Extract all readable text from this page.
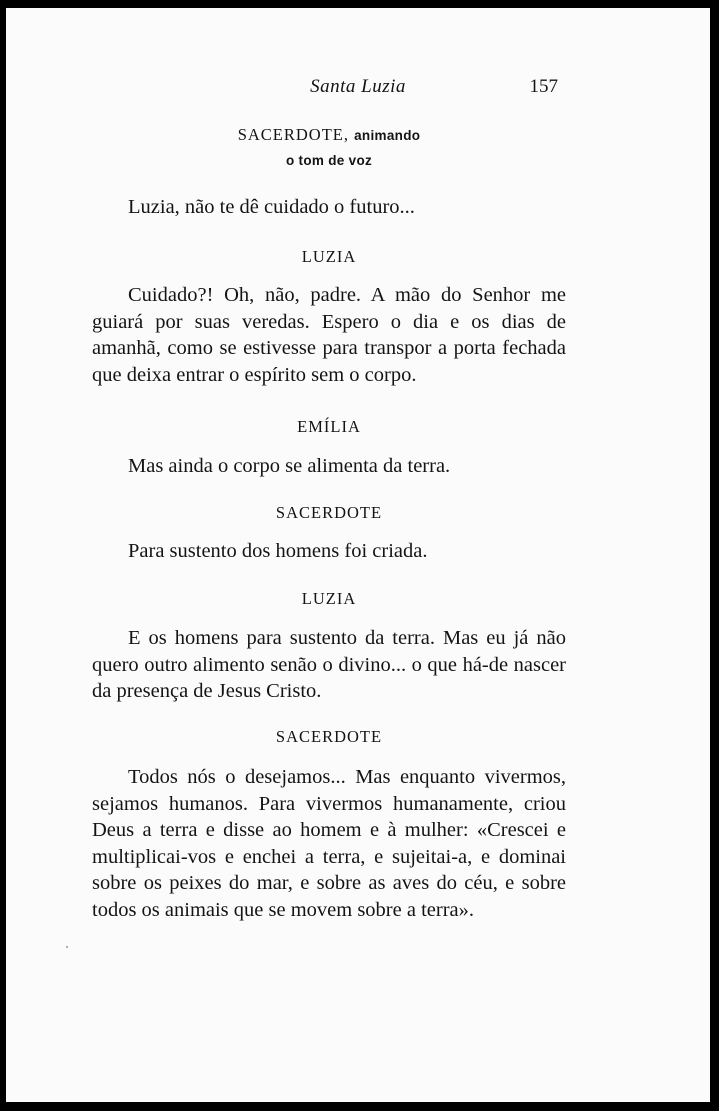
Santa Luzia	157
SACERDOTE, animando
o tom de voz

Luzia, não te dê cuidado o futuro...

LUZIA

Cuidado?! Oh, não, padre. A mão do Senhor me guiará por suas veredas. Espero o dia e os dias de amanhã, como se estivesse para transpor a porta fechada que deixa entrar o espírito sem o corpo.

EMÍLIA

Mas ainda o corpo se alimenta da terra.

SACERDOTE

Para sustento dos homens foi criada.

LUZIA

E os homens para sustento da terra. Mas eu já não quero outro alimento senão o divino... o que há-de nascer da presença de Jesus Cristo.

SACERDOTE

Todos nós o desejamos... Mas enquanto vivermos, sejamos humanos. Para vivermos humanamente, criou Deus a terra e disse ao homem e à mulher: «Crescei e multiplicai-vos e enchei a terra, e sujeitai-a, e dominai sobre os peixes do mar, e sobre as aves do céu, e sobre todos os animais que se movem sobre a terra».
